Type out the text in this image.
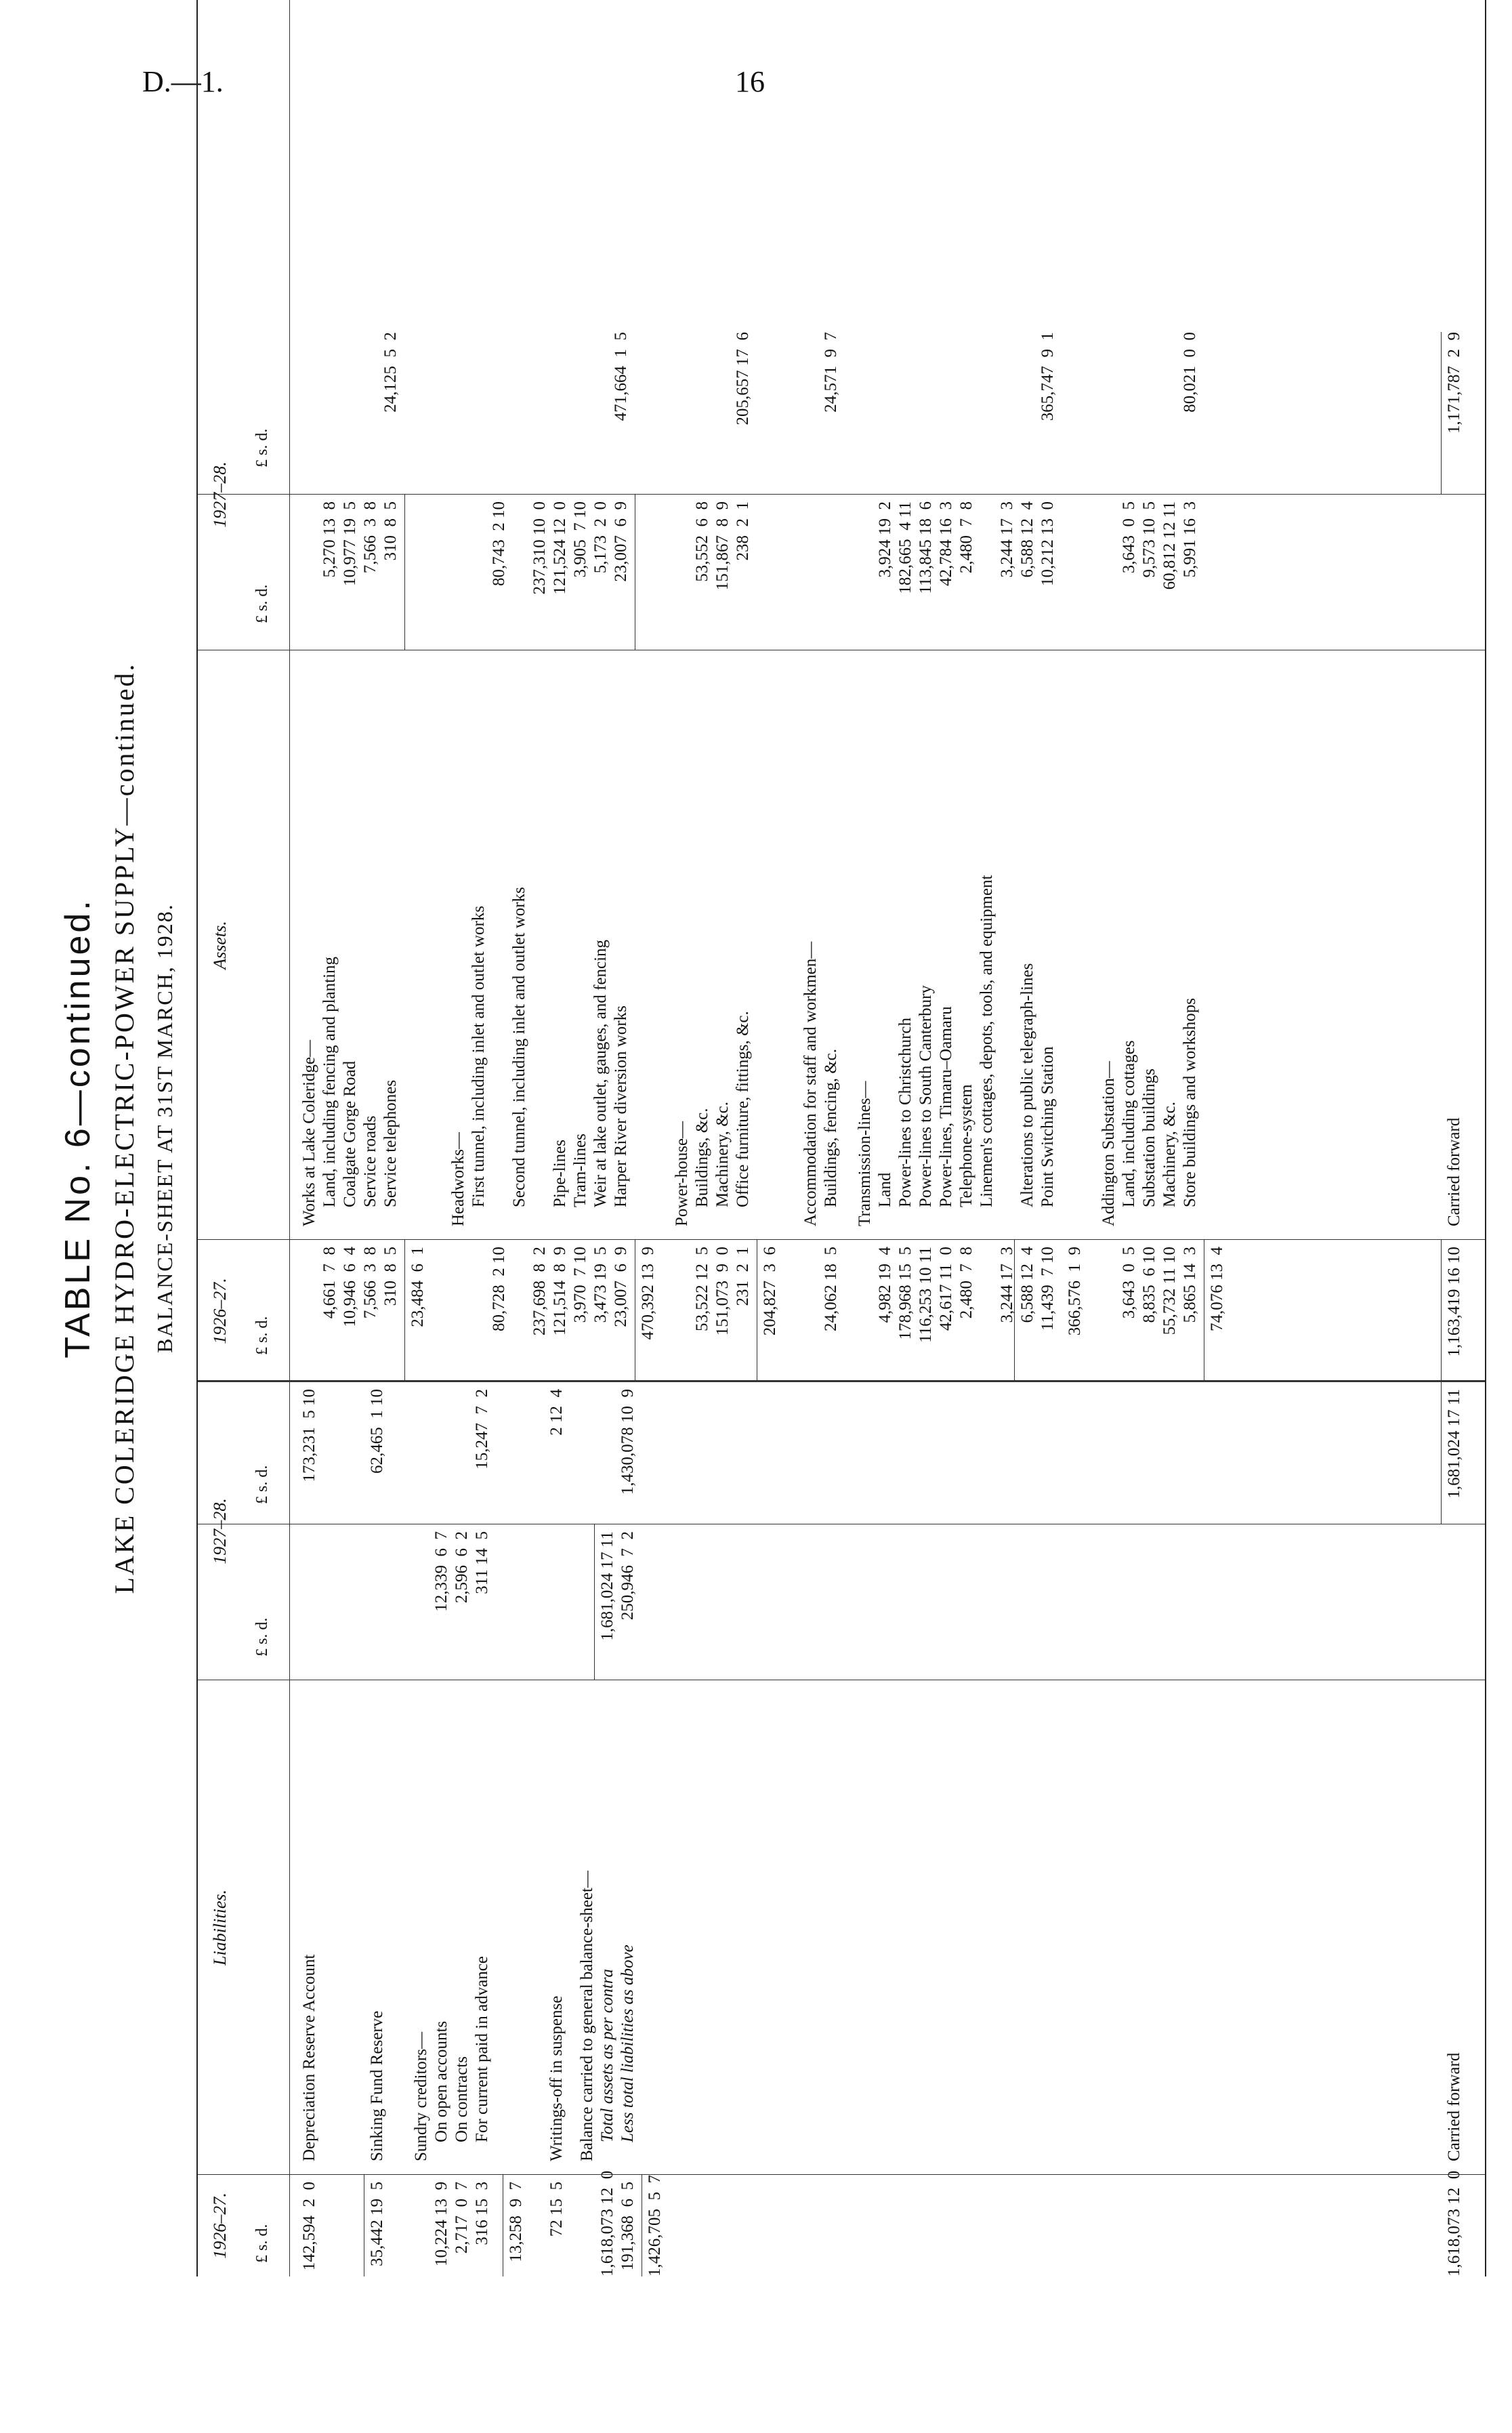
D.—1.	16
TABLE No. 6—continued. LAKE COLERIDGE HYDRO-ELECTRIC-POWER SUPPLY—continued. BALANCE-SHEET AT 31ST MARCH, 1928.
1926–27.
Liabilities.
1927–28.
1926–27.
Assets.
1927–28.
£ s. d.
£ s. d.
£ s. d.
£ s. d.
£ s. d.
£ s. d.
Depreciation Reserve Account
142,594  2  0
173,231  5 10
Sinking Fund Reserve
35,442 19  5
62,465  1 10
Sundry creditors— On open accounts
10,224 13  9
12,339  6  7
On contracts
2,717  0  7
2,596  6  2
For current paid in advance
316 15  3
311 14  5
15,247  7  2
13,258  9  7
Writings-off in suspense
72 15  5
2 12  4
Balance carried to general balance-sheet— Total assets as per contra
1,618,073 12  0
1,681,024 17 11
Less total liabilities as above
191,368  6  5
250,946  7  2
1,430,078 10  9
1,426,705  5  7
Carried forward
1,618,073 12  0
1,681,024 17 11
Works at Lake Coleridge— Land, including fencing and planting
4,661  7  8
5,270 13  8
Coalgate Gorge Road
10,946  6  4
10,977 19  5
Service roads
7,566  3  8
7,566  3  8
Service telephones
310  8  5
310  8  5
24,125  5  2
23,484  6  1
Headworks— First tunnel, including inlet and outlet works
80,728  2 10
80,743  2 10
Second tunnel, including inlet and outlet works
237,698  8  2
237,310 10  0
Pipe-lines
121,514  8  9
121,524 12  0
Tram-lines
3,970  7 10
3,905  7 10
Weir at lake outlet, gauges, and fencing
3,473 19  5
5,173  2  0
Harper River diversion works
23,007  6  9
23,007  6  9
471,664  1  5
470,392 13  9
Power-house— Buildings, &c.
53,522 12  5
53,552  6  8
Machinery, &c.
151,073  9  0
151,867  8  9
Office furniture, fittings, &c.
231  2  1
238  2  1
205,657 17  6
204,827  3  6
Accommodation for staff and workmen— Buildings, fencing, &c.
24,062 18  5
24,571  9  7
Transmission-lines— Land
4,982 19  4
3,924 19  2
Power-lines to Christchurch
178,968 15  5
182,665  4 11
Power-lines to South Canterbury
116,253 10 11
113,845 18  6
Power-lines, Timaru–Oamaru
42,617 11  0
42,784 16  3
Telephone-system
2,480  7  8
2,480  7  8
Linemen's cottages, depots, tools, and equipment
3,244 17  3
3,244 17  3
Alterations to public telegraph-lines
6,588 12  4
6,588 12  4
Point Switching Station
11,439  7 10
10,212 13  0
365,747  9  1
366,576  1  9
Addington Substation— Land, including cottages
3,643  0  5
3,643  0  5
Substation buildings
8,835  6 10
9,573 10  5
Machinery, &c.
55,732 11 10
60,812 12 11
Store buildings and workshops
5,865 14  3
5,991 16  3
80,021  0  0
74,076 13  4
Carried forward
1,163,419 16 10
1,171,787  2  9
